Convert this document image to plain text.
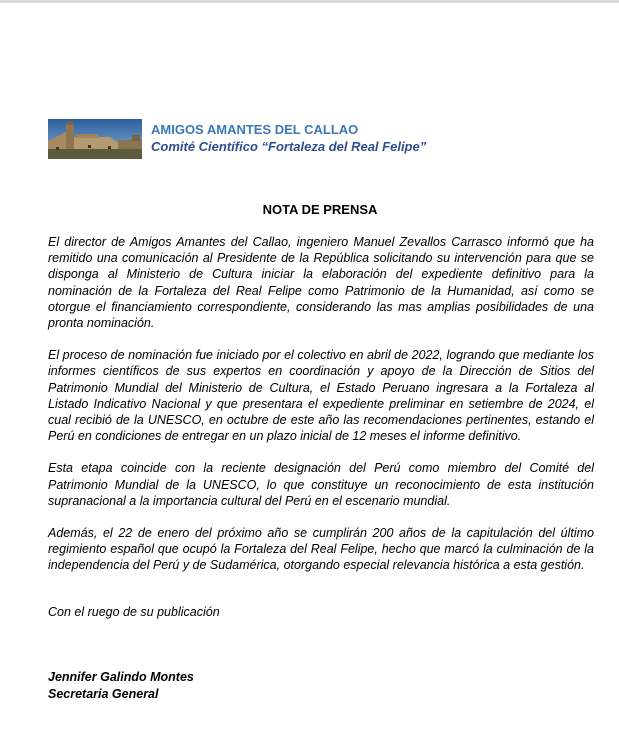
AMIGOS AMANTES DEL CALLAO
Comité Científico “Fortaleza del Real Felipe”
NOTA DE PRENSA

El director de Amigos Amantes del Callao, ingeniero Manuel Zevallos Carrasco informó que ha remitido una comunicación al Presidente de la República solicitando su intervención para que se disponga al Ministerio de Cultura iniciar la elaboración del expediente definitivo para la nominación de la Fortaleza del Real Felipe como Patrimonio de la Humanidad, así como se otorgue el financiamiento correspondiente, considerando las mas amplias posibilidades de una pronta nominación.

El proceso de nominación fue iniciado por el colectivo en abril de 2022, logrando que mediante los informes científicos de sus expertos en coordinación y apoyo de la Dirección de Sitios del Patrimonio Mundial del Ministerio de Cultura, el Estado Peruano ingresara a la Fortaleza al Listado Indicativo Nacional y que presentara el expediente preliminar en setiembre de 2024, el cual recibió de la UNESCO, en octubre de este año las recomendaciones pertinentes, estando el Perú en condiciones de entregar en un plazo inicial de 12 meses el informe definitivo.

Esta etapa coincide con la reciente designación del Perú como miembro del Comité del Patrimonio Mundial de la UNESCO, lo que constituye un reconocimiento de esta institución supranacional a la importancia cultural del Perú en el escenario mundial.

Además, el 22 de enero del próximo año se cumplirán 200 años de la capitulación del último regimiento español que ocupó la Fortaleza del Real Felipe, hecho que marcó la culminación de la independencia del Perú y de Sudamérica, otorgando especial relevancia histórica a esta gestión.

Con el ruego de su publicación
Jennifer Galindo Montes
Secretaria General
